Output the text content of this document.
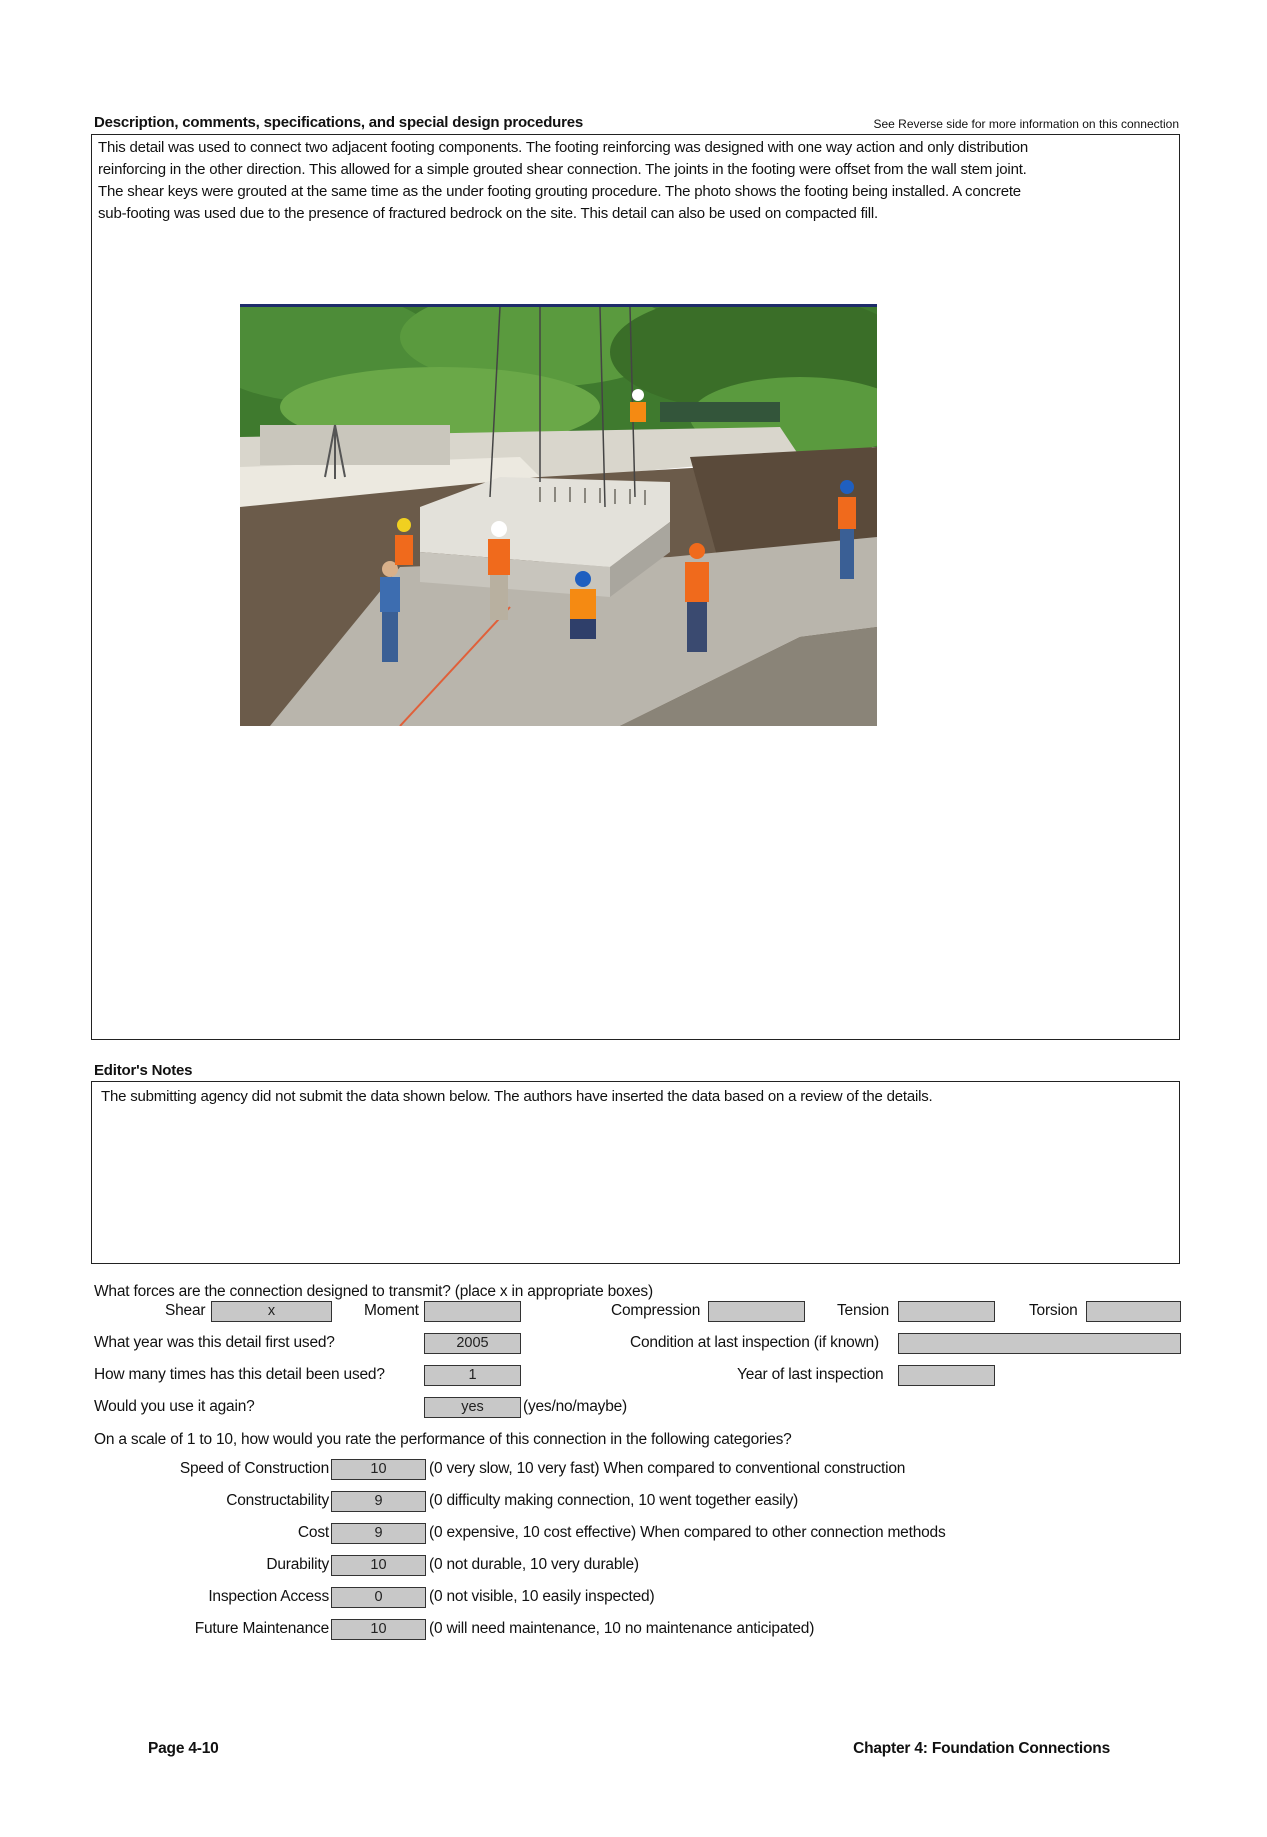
Description, comments, specifications, and special design procedures	See Reverse side for more information on this connection
This detail was used to connect two adjacent footing components. The footing reinforcing was designed with one way action and only distribution
reinforcing in the other direction. This allowed for a simple grouted shear connection. The joints in the footing were offset from the wall stem joint.
The shear keys were grouted at the same time as the under footing grouting procedure. The photo shows the footing being installed. A concrete
sub-footing was used due to the presence of fractured bedrock on the site. This detail can also be used on compacted fill.
Editor's Notes
The submitting agency did not submit the data shown below. The authors have inserted the data based on a review of the details.
What forces are the connection designed to transmit? (place x in appropriate boxes)
Shear	x	Moment	Compression	Tension	Torsion
What year was this detail first used?	2005	Condition at last inspection (if known)
How many times has this detail been used?	1	Year of last inspection
Would you use it again?	yes	(yes/no/maybe)
On a scale of 1 to 10, how would you rate the performance of this connection in the following categories?
Speed of Construction	10	(0 very slow, 10 very fast) When compared to conventional construction
Constructability	9	(0 difficulty making connection, 10 went together easily)
Cost	9	(0 expensive, 10 cost effective) When compared to other connection methods
Durability	10	(0 not durable, 10 very durable)
Inspection Access	0	(0 not visible, 10 easily inspected)
Future Maintenance	10	(0 will need maintenance, 10 no maintenance anticipated)
Page 4-10	Chapter 4: Foundation Connections
